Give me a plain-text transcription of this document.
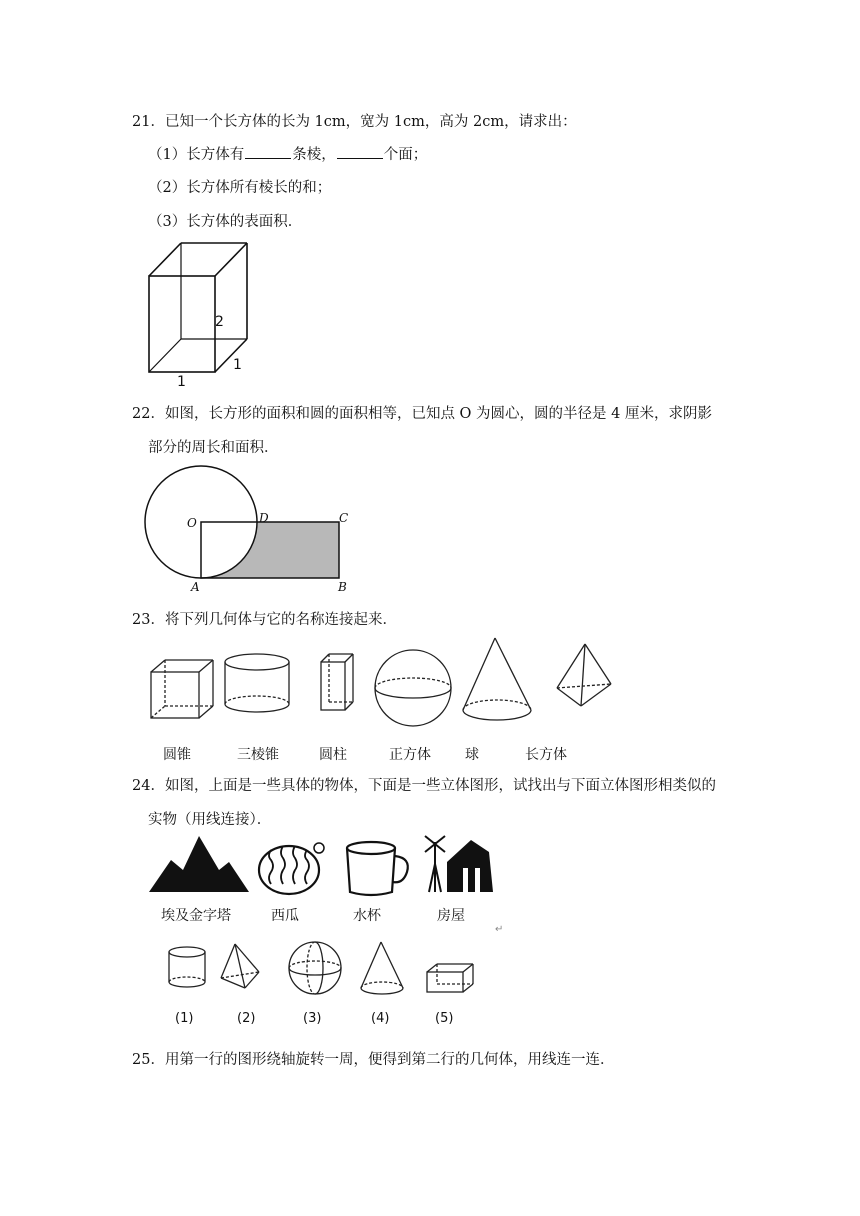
21．已知一个长方体的长为 1cm，宽为 1cm，高为 2cm，请求出：
（1）长方体有	条棱，	个面；
（2）长方体所有棱长的和；
（3）长方体的表面积．
2
1
1
22．如图，长方形的面积和圆的面积相等，已知点 O 为圆心，圆的半径是 4 厘米，求阴影
部分的周长和面积．
O	D	C
A	B
23．将下列几何体与它的名称连接起来．
圆锥	三棱锥	圆柱	正方体 球	长方体
24．如图，上面是一些具体的物体，下面是一些立体图形，试找出与下面立体图形相类似的
实物（用线连接）．
埃及金字塔	西瓜	水杯	房屋
↵
(1)	(2)	(3)	(4)	(5)
25．用第一行的图形绕轴旋转一周，便得到第二行的几何体，用线连一连．
